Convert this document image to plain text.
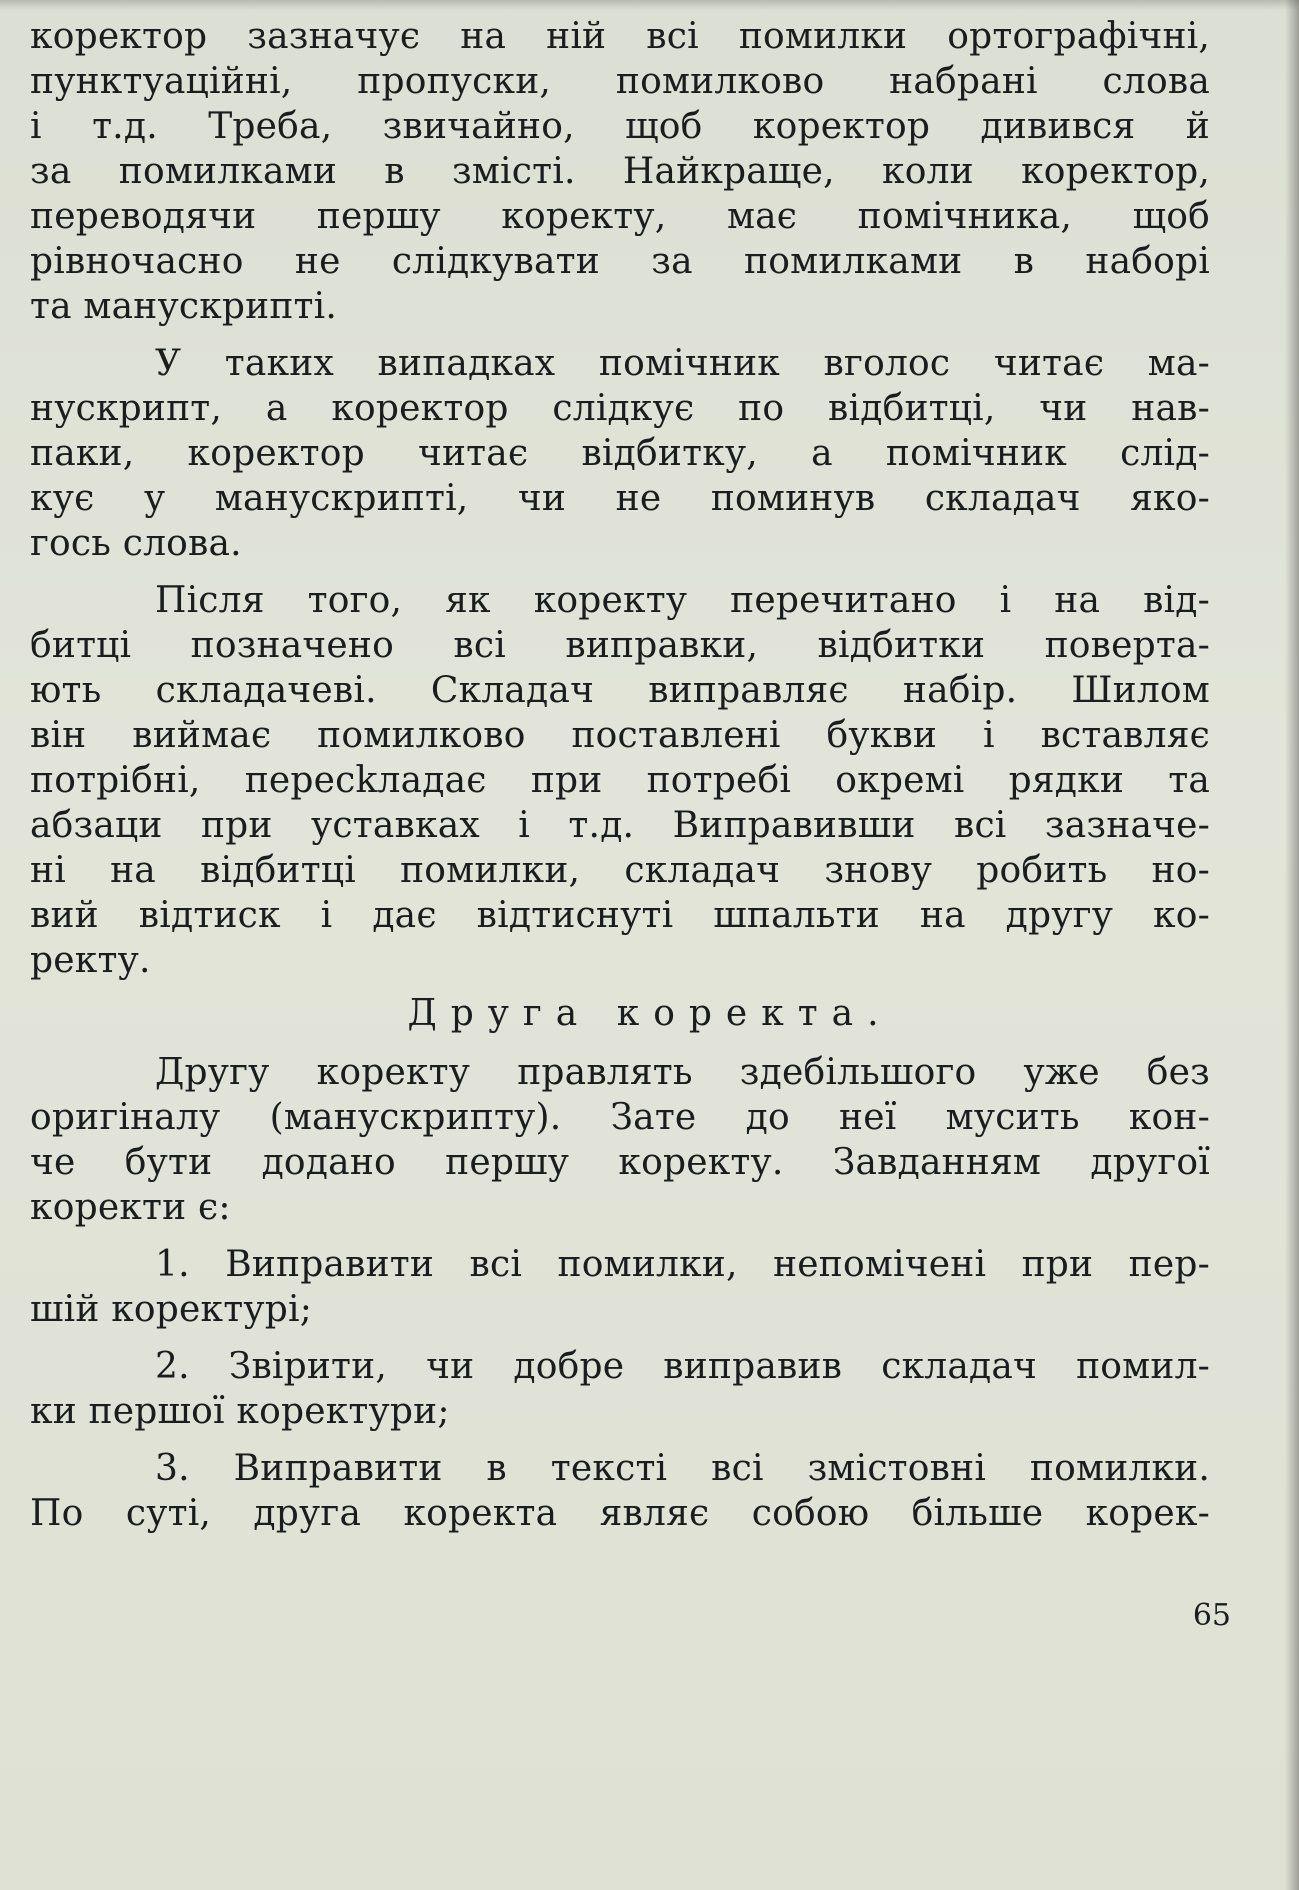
коректор зазначує на ній всі помилки ортографічні,
пунктуаційні, пропуски, помилково набрані слова
і т.д. Треба, звичайно, щоб коректор дивився й
за помилками в змісті. Найкраще, коли коректор,
переводячи першу коректу, має помічника, щоб
рівночасно не слідкувати за помилками в наборі
та манускрипті.
У таких випадках помічник вголос читає ма-
нускрипт, а коректор слідкує по відбитці, чи нав-
паки, коректор читає відбитку, а помічник слід-
кує у манускрипті, чи не поминув складач яко-
гось слова.
Після того, як коректу перечитано і на від-
битці позначено всі виправки, відбитки поверта-
ють складачеві. Складач виправляє набір. Шилом
він виймає помилково поставлені букви і вставляє
потрібні, пересkладає при потребі окремі рядки та
абзаци при уставках і т.д. Виправивши всі зазначе-
ні на відбитці помилки, складач знову робить но-
вий відтиск і дає відтиснуті шпальти на другу ко-
ректу.
Друга коректа.
Другу коректу правлять здебільшого уже без
оригіналу (манускрипту). Зате до неї мусить кон-
че бути додано першу коректу. Завданням другої
коректи є:
1. Виправити всі помилки, непомічені при пер-
шій коректурі;
2. Звірити, чи добре виправив складач помил-
ки першої коректури;
3. Виправити в тексті всі змістовні помилки.
По суті, друга коректа являє собою більше корек-
65
